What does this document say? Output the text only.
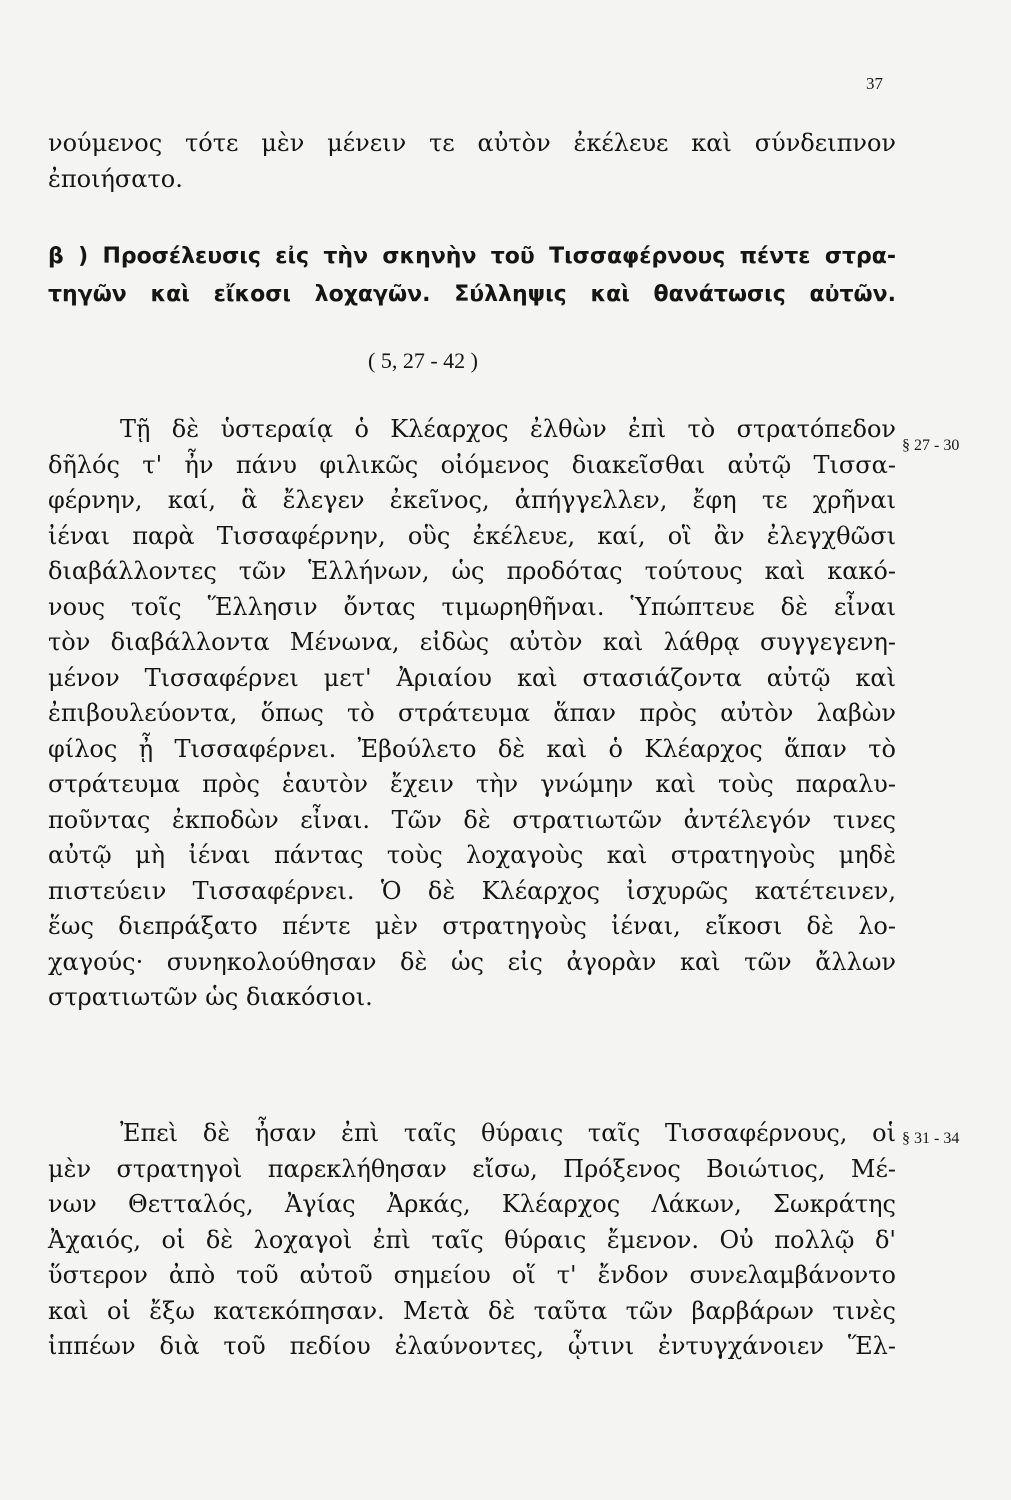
37
νούμενος τότε μὲν μένειν τε αὐτὸν ἐκέλευε καὶ σύνδειπνον
ἐποιήσατο.
β ) Προσέλευσις εἰς τὴν σκηνὴν τοῦ Τισσαφέρνους πέντε στρα-
τηγῶν καὶ εἴκοσι λοχαγῶν. Σύλληψις καὶ θανάτωσις αὐτῶν.
( 5, 27 - 42 )
§ 27 - 30
§ 31 - 34
Τῇ δὲ ὑστεραίᾳ ὁ Κλέαρχος ἐλθὼν ἐπὶ τὸ στρατόπεδον
δῆλός τ' ἦν πάνυ φιλικῶς οἰόμενος διακεῖσθαι αὐτῷ Τισσα-
φέρνην, καί, ἃ ἔλεγεν ἐκεῖνος, ἀπήγγελλεν, ἔφη τε χρῆναι
ἰέναι παρὰ Τισσαφέρνην, οὓς ἐκέλευε, καί, οἳ ἂν ἐλεγχθῶσι
διαβάλλοντες τῶν Ἑλλήνων, ὡς προδότας τούτους καὶ κακό-
νους τοῖς Ἕλλησιν ὄντας τιμωρηθῆναι. Ὑπώπτευε δὲ εἶναι
τὸν διαβάλλοντα Μένωνα, εἰδὼς αὐτὸν καὶ λάθρᾳ συγγεγενη-
μένον Τισσαφέρνει μετ' Ἀριαίου καὶ στασιάζοντα αὐτῷ καὶ
ἐπιβουλεύοντα, ὅπως τὸ στράτευμα ἅπαν πρὸς αὐτὸν λαβὼν
φίλος ᾖ Τισσαφέρνει. Ἐβούλετο δὲ καὶ ὁ Κλέαρχος ἅπαν τὸ
στράτευμα πρὸς ἑαυτὸν ἔχειν τὴν γνώμην καὶ τοὺς παραλυ-
ποῦντας ἐκποδὼν εἶναι. Τῶν δὲ στρατιωτῶν ἀντέλεγόν τινες
αὐτῷ μὴ ἰέναι πάντας τοὺς λοχαγοὺς καὶ στρατηγοὺς μηδὲ
πιστεύειν Τισσαφέρνει. Ὁ δὲ Κλέαρχος ἰσχυρῶς κατέτεινεν,
ἕως διεπράξατο πέντε μὲν στρατηγοὺς ἰέναι, εἴκοσι δὲ λο-
χαγούς· συνηκολούθησαν δὲ ὡς εἰς ἀγορὰν καὶ τῶν ἄλλων
στρατιωτῶν ὡς διακόσιοι.
Ἐπεὶ δὲ ἦσαν ἐπὶ ταῖς θύραις ταῖς Τισσαφέρνους, οἱ
μὲν στρατηγοὶ παρεκλήθησαν εἴσω, Πρόξενος Βοιώτιος, Μέ-
νων Θετταλός, Ἀγίας Ἀρκάς, Κλέαρχος Λάκων, Σωκράτης
Ἀχαιός, οἱ δὲ λοχαγοὶ ἐπὶ ταῖς θύραις ἔμενον. Οὐ πολλῷ δ'
ὕστερον ἀπὸ τοῦ αὐτοῦ σημείου οἵ τ' ἔνδον συνελαμβάνοντο
καὶ οἱ ἔξω κατεκόπησαν. Μετὰ δὲ ταῦτα τῶν βαρβάρων τινὲς
ἱππέων διὰ τοῦ πεδίου ἐλαύνοντες, ᾧτινι ἐντυγχάνοιεν Ἕλ-
